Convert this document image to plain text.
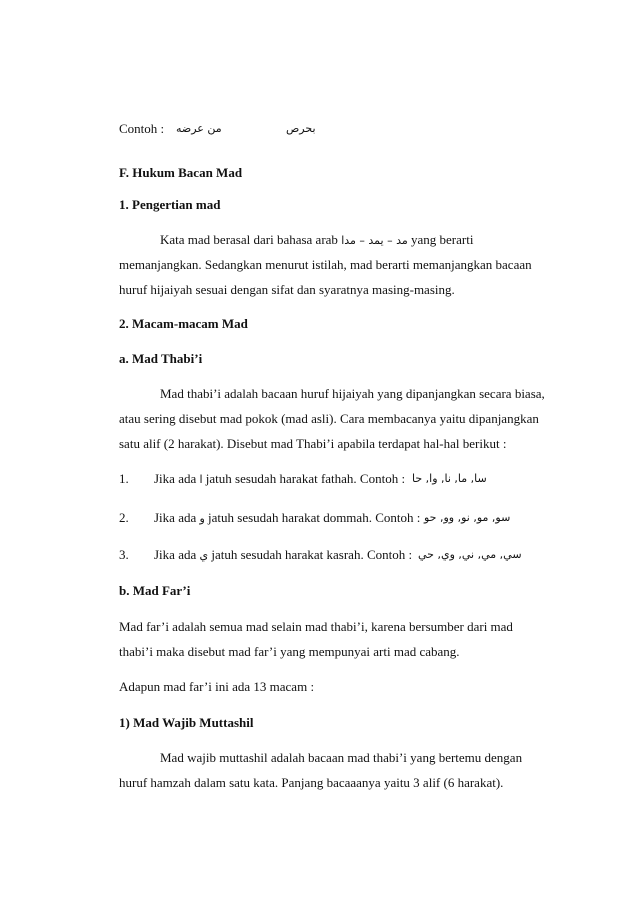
Contoh : من عرضه	بحرص
F. Hukum Bacan Mad
1. Pengertian mad
Kata mad berasal dari bahasa arab مد – يمد – مدا yang berarti
memanjangkan. Sedangkan menurut istilah, mad berarti memanjangkan bacaan
huruf hijaiyah sesuai dengan sifat dan syaratnya masing-masing.
2. Macam-macam Mad
a. Mad Thabi’i
Mad thabi’i adalah bacaan huruf hijaiyah yang dipanjangkan secara biasa,
atau sering disebut mad pokok (mad asli). Cara membacanya yaitu dipanjangkan
satu alif (2 harakat). Disebut mad Thabi’i apabila terdapat hal-hal berikut :
1. Jika ada ا jatuh sesudah harakat fathah. Contoh : سا, ما, نا, وا, حا
2. Jika ada و jatuh sesudah harakat dommah. Contoh : سو, مو, نو, وو, حو
3. Jika ada ي jatuh sesudah harakat kasrah. Contoh : سي, مي, ني, وي, حي
b. Mad Far’i
Mad far’i adalah semua mad selain mad thabi’i, karena bersumber dari mad
thabi’i maka disebut mad far’i yang mempunyai arti mad cabang.
Adapun mad far’i ini ada 13 macam :
1) Mad Wajib Muttashil
Mad wajib muttashil adalah bacaan mad thabi’i yang bertemu dengan
huruf hamzah dalam satu kata. Panjang bacaaanya yaitu 3 alif (6 harakat).
